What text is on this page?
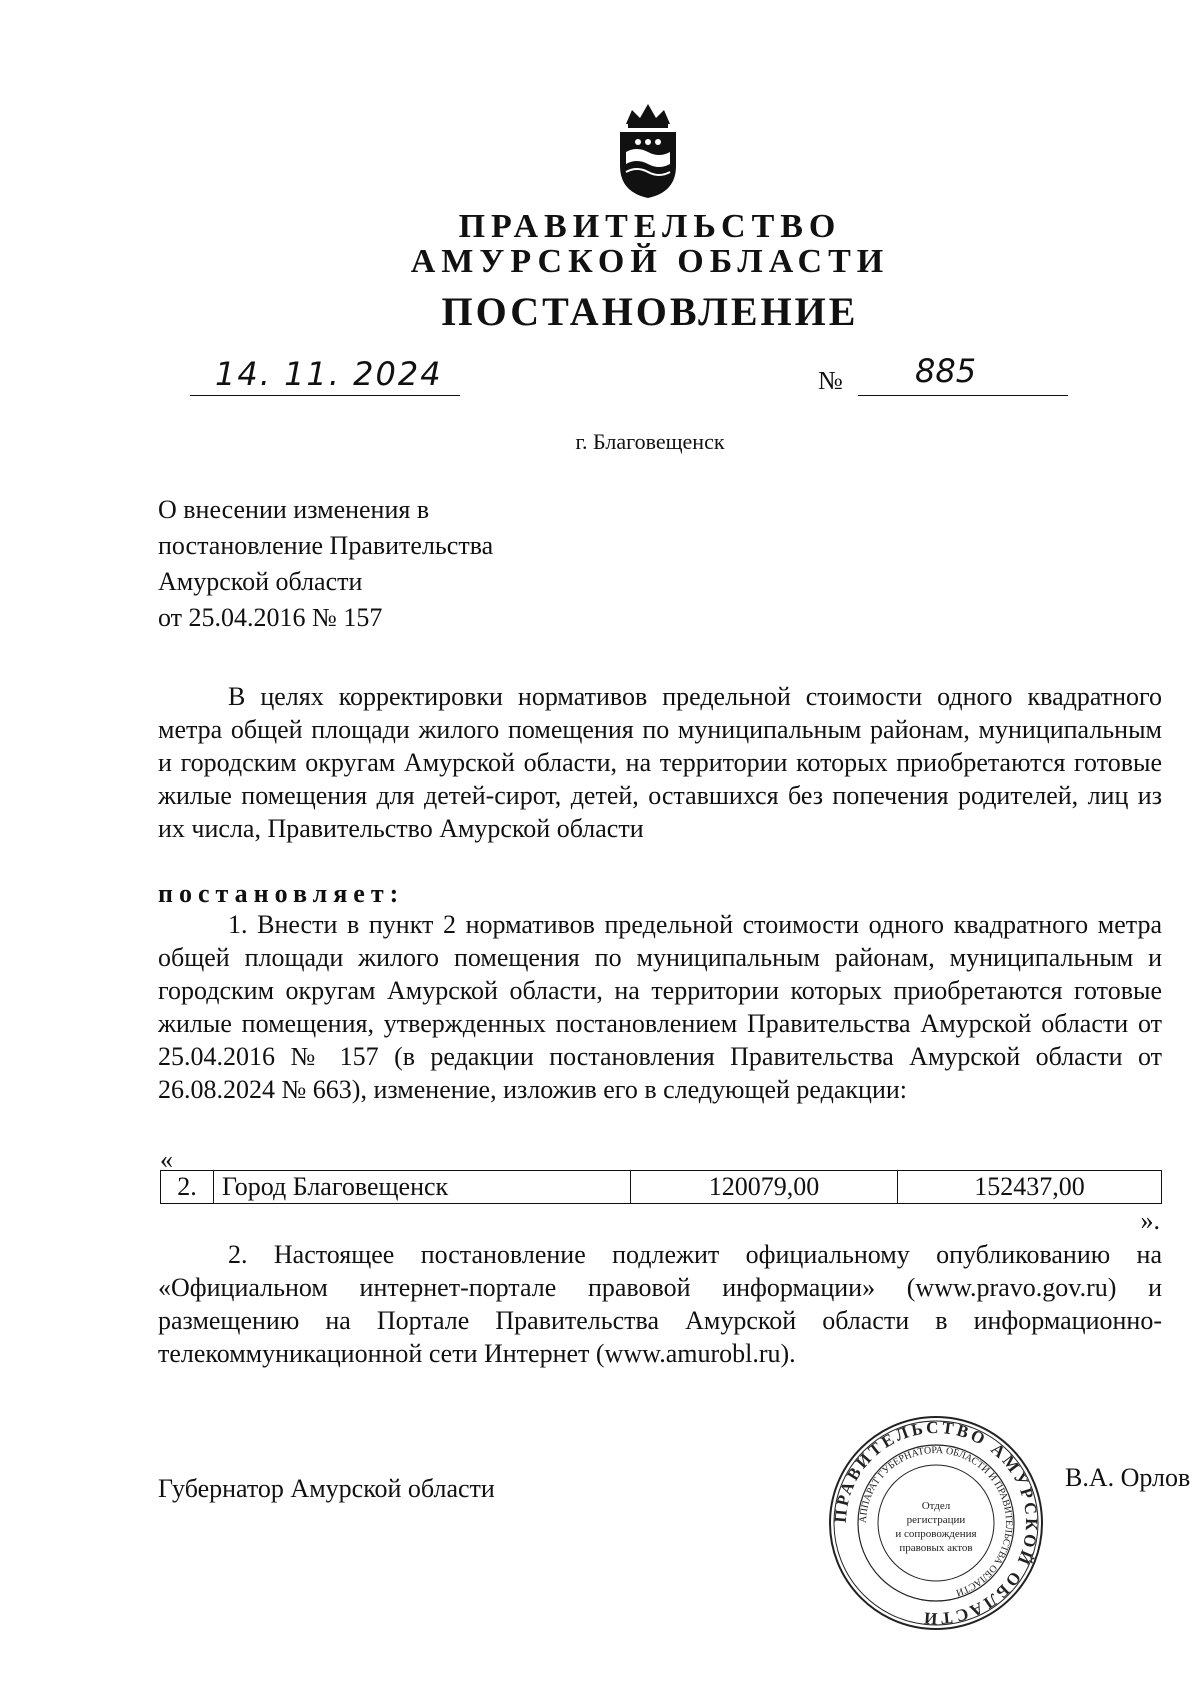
ПРАВИТЕЛЬСТВО
АМУРСКОЙ ОБЛАСТИ
ПОСТАНОВЛЕНИЕ
14. 11. 2024	№ 885
г. Благовещенск
О внесении изменения в
постановление Правительства
Амурской области
от 25.04.2016 № 157
В целях корректировки нормативов предельной стоимости одного квадратного метра общей площади жилого помещения по муниципальным районам, муниципальным и городским округам Амурской области, на территории которых приобретаются готовые жилые помещения для детей-сирот, детей, оставшихся без попечения родителей, лиц из их числа, Правительство Амурской области
постановляет:
1. Внести в пункт 2 нормативов предельной стоимости одного квадратного метра общей площади жилого помещения по муниципальным районам, муниципальным и городским округам Амурской области, на территории которых приобретаются готовые жилые помещения, утвержденных постановлением Правительства Амурской области от 25.04.2016 № 157 (в редакции постановления Правительства Амурской области от 26.08.2024 № 663), изменение, изложив его в следующей редакции:
«
2.	Город Благовещенск	120079,00	152437,00
».
2. Настоящее постановление подлежит официальному опубликованию на «Официальном интернет-портале правовой информации» (www.pravo.gov.ru) и размещению на Портале Правительства Амурской области в информационно-телекоммуникационной сети Интернет (www.amurobl.ru).
Губернатор Амурской области	В.А. Орлов
ПРАВИТЕЛЬСТВО АМУРСКОЙ ОБЛАСТИ
АППАРАТ ГУБЕРНАТОРА ОБЛАСТИ И ПРАВИТЕЛЬСТВА ОБЛАСТИ
Отдел
регистрации
и сопровождения
правовых актов
